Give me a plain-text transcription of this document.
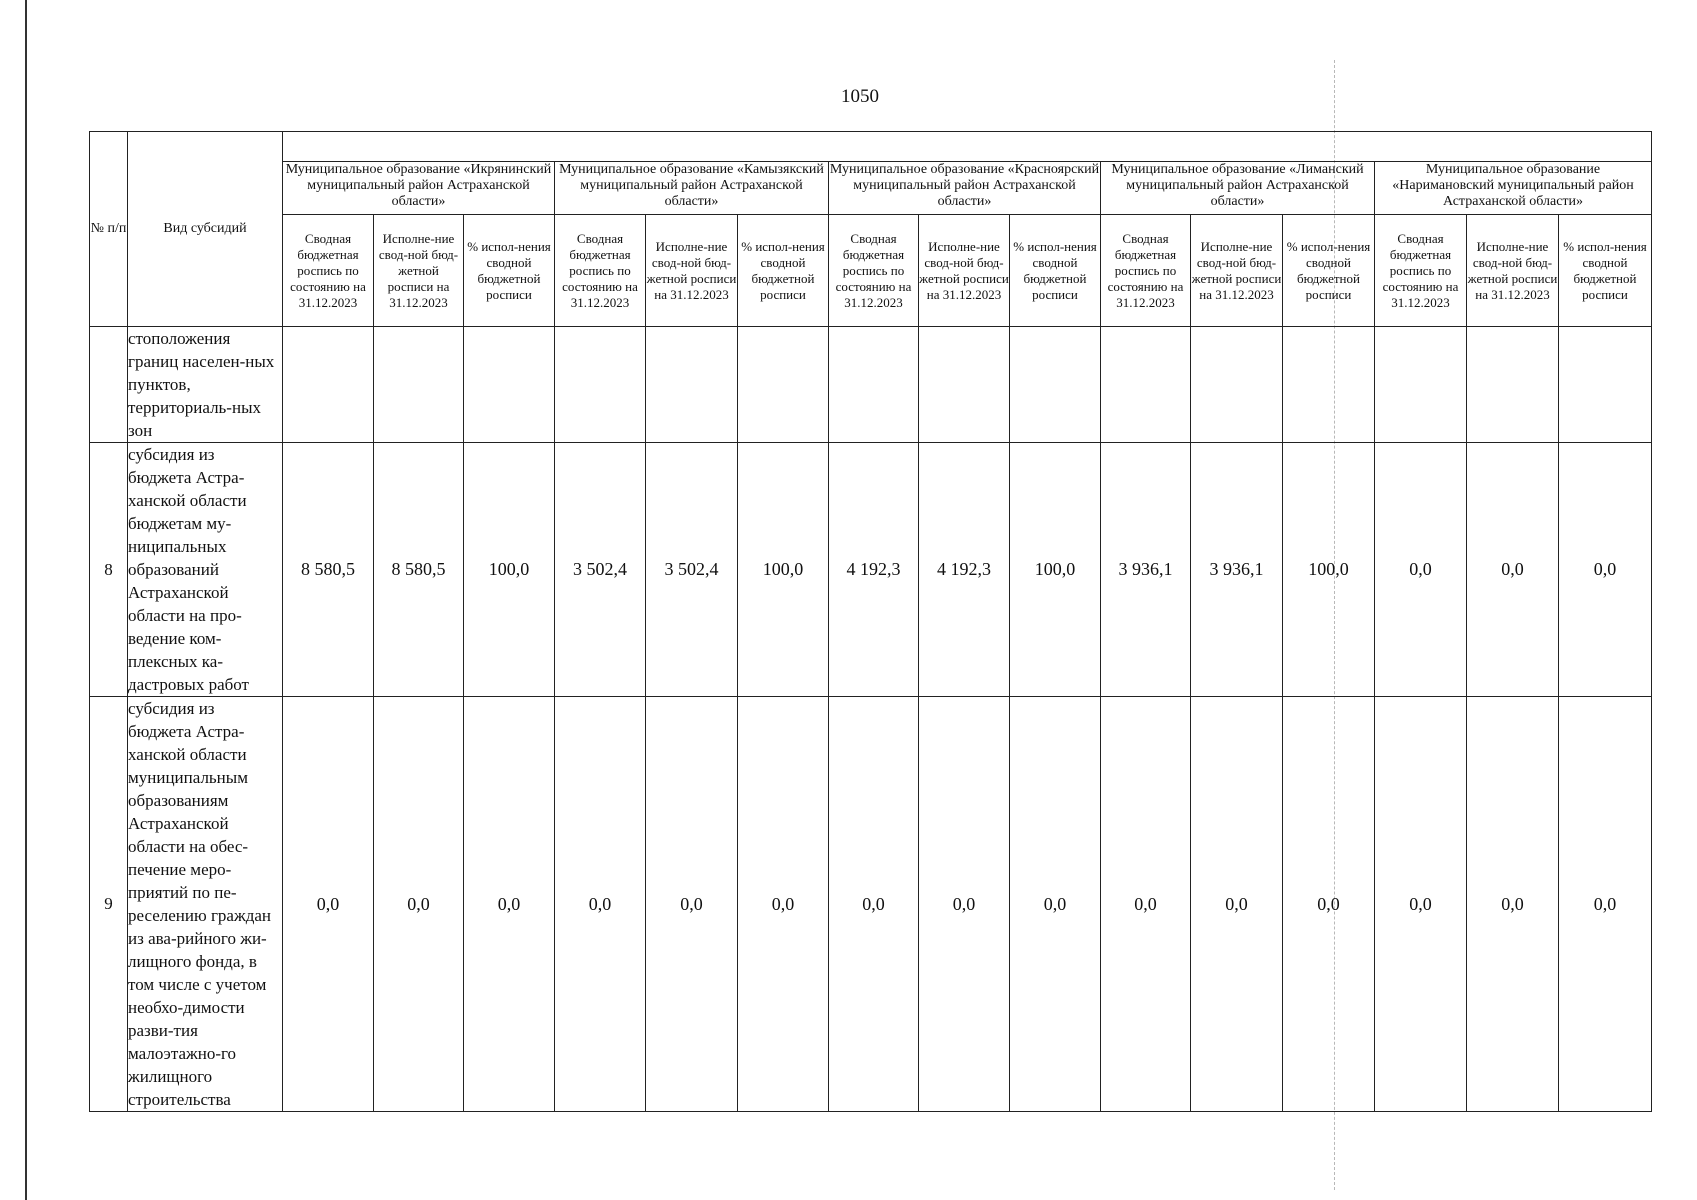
1050
№ п/п	Вид субсидий															
		Муниципальное образование «Икрянинский муниципальный район Астраханской области»			Муниципальное образование «Камызякский муниципальный район Астраханской области»			Муниципальное образование «Красноярский муниципальный район Астраханской области»			Муниципальное образование «Лиманский муниципальный район Астраханской области»			Муниципальное образование «Наримановский муниципальный район Астраханской области»		
		Сводная бюджетная роспись по состоянию на 31.12.2023	Исполне-ние свод-ной бюд-жетной росписи на 31.12.2023	% испол-нения сводной бюджетной росписи	Сводная бюджетная роспись по состоянию на 31.12.2023	Исполне-ние свод-ной бюд-жетной росписи на 31.12.2023	% испол-нения сводной бюджетной росписи	Сводная бюджетная роспись по состоянию на 31.12.2023	Исполне-ние свод-ной бюд-жетной росписи на 31.12.2023	% испол-нения сводной бюджетной росписи	Сводная бюджетная роспись по состоянию на 31.12.2023	Исполне-ние свод-ной бюд-жетной росписи на 31.12.2023	% испол-нения сводной бюджетной росписи	Сводная бюджетная роспись по состоянию на 31.12.2023	Исполне-ние свод-ной бюд-жетной росписи на 31.12.2023	% испол-нения сводной бюджетной росписи
	стоположения границ населен-ных пунктов, территориаль-ных зон															
8	субсидия из бюджета Астра-ханской области бюджетам му-ниципальных образований Астраханской области на про-ведение ком-плексных ка-дастровых работ	8 580,5	8 580,5	100,0	3 502,4	3 502,4	100,0	4 192,3	4 192,3	100,0	3 936,1	3 936,1	100,0	0,0	0,0	0,0
9	субсидия из бюджета Астра-ханской области муниципальным образованиям Астраханской области на обес-печение меро-приятий по пе-реселению граждан из ава-рийного жи-лищного фонда, в том числе с учетом необхо-димости разви-тия малоэтажно-го жилищного строительства	0,0	0,0	0,0	0,0	0,0	0,0	0,0	0,0	0,0	0,0	0,0	0,0	0,0	0,0	0,0
